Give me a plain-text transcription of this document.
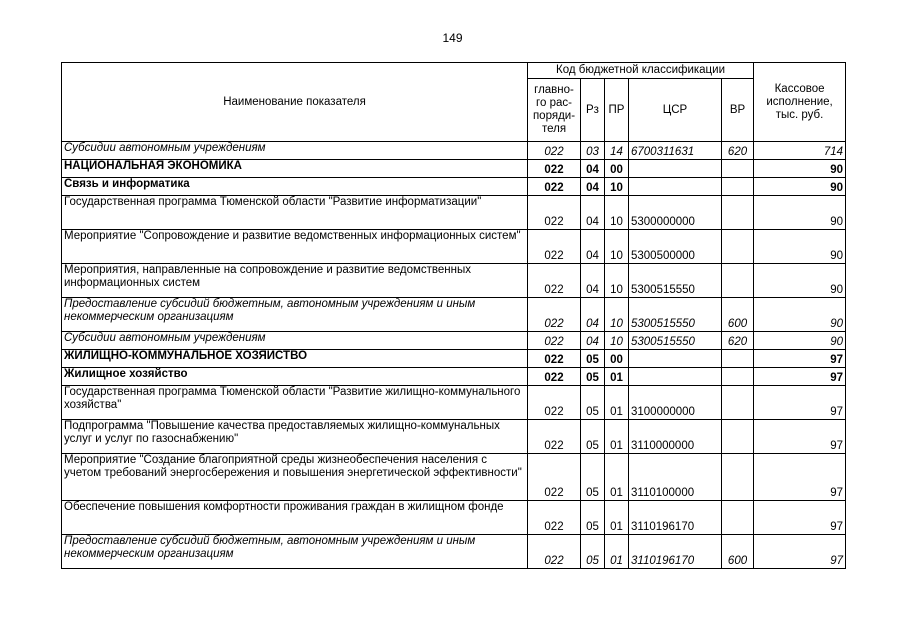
149
Наименование показателя	Код бюджетной классификации					Кассовое
исполнение,
тыс. руб.
	главно-
го рас-
поряди-
теля	Рз	ПР	ЦСР	ВР	
Субсидии автономным учреждениям	022	03	14	6700311631	620	714
НАЦИОНАЛЬНАЯ ЭКОНОМИКА	022	04	00			90
Связь и информатика	022	04	10			90
Государственная программа Тюменской области "Развитие информатизации"	022	04	10	5300000000		90
Мероприятие "Сопровождение и развитие ведомственных информационных систем"	022	04	10	5300500000		90
Мероприятия, направленные на сопровождение и развитие ведомственных информационных систем	022	04	10	5300515550		90
Предоставление субсидий бюджетным, автономным учреждениям и иным некоммерческим организациям	022	04	10	5300515550	600	90
Субсидии автономным учреждениям	022	04	10	5300515550	620	90
ЖИЛИЩНО-КОММУНАЛЬНОЕ ХОЗЯЙСТВО	022	05	00			97
Жилищное хозяйство	022	05	01			97
Государственная программа Тюменской области "Развитие жилищно-коммунального хозяйства"	022	05	01	3100000000		97
Подпрограмма "Повышение качества предоставляемых жилищно-коммунальных услуг и услуг по газоснабжению"	022	05	01	3110000000		97
Мероприятие "Создание благоприятной среды жизнеобеспечения населения с учетом требований энергосбережения и повышения энергетической эффективности"	022	05	01	3110100000		97
Обеспечение повышения комфортности проживания граждан в жилищном фонде	022	05	01	3110196170		97
Предоставление субсидий бюджетным, автономным учреждениям и иным некоммерческим организациям	022	05	01	3110196170	600	97
